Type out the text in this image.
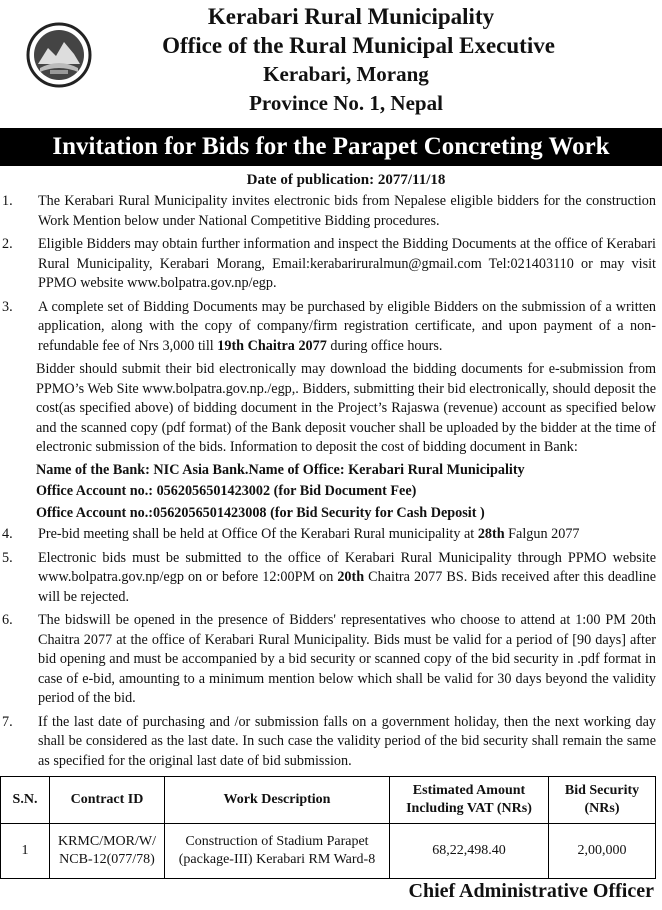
Kerabari Rural Municipality
Office of the Rural Municipal Executive
Kerabari, Morang
Province No. 1, Nepal
Invitation for Bids for the Parapet Concreting Work
Date of publication: 2077/11/18
1.	The Kerabari Rural Municipality invites electronic bids from Nepalese eligible bidders for the construction Work Mention below under National Competitive Bidding procedures.
2.	Eligible Bidders may obtain further information and inspect the Bidding Documents at the office of Kerabari Rural Municipality, Kerabari Morang, Email:kerabariruralmun@gmail.com Tel:021403110 or may visit PPMO website www.bolpatra.gov.np/egp.
3.	A complete set of Bidding Documents may be purchased by eligible Bidders on the submission of a written application, along with the copy of company/firm registration certificate, and upon payment of a non-refundable fee of Nrs 3,000 till 19th Chaitra 2077 during office hours.
Bidder should submit their bid electronically may download the bidding documents for e-submission from PPMO’s Web Site www.bolpatra.gov.np./egp,. Bidders, submitting their bid electronically, should deposit the cost(as specified above) of bidding document in the Project’s Rajaswa (revenue) account as specified below and the scanned copy (pdf format) of the Bank deposit voucher shall be uploaded by the bidder at the time of electronic submission of the bids. Information to deposit the cost of bidding document in Bank:
Name of the Bank: NIC Asia Bank.Name of Office: Kerabari Rural Municipality
Office Account no.: 0562056501423002 (for Bid Document Fee)
Office Account no.:0562056501423008 (for Bid Security for Cash Deposit )
4.	Pre-bid meeting shall be held at Office Of the Kerabari Rural municipality at 28th Falgun 2077
5.	Electronic bids must be submitted to the office of Kerabari Rural Municipality through PPMO website www.bolpatra.gov.np/egp on or before 12:00PM on 20th Chaitra 2077 BS. Bids received after this deadline will be rejected.
6.	The bidswill be opened in the presence of Bidders' representatives who choose to attend at 1:00 PM 20th Chaitra 2077 at the office of Kerabari Rural Municipality. Bids must be valid for a period of [90 days] after bid opening and must be accompanied by a bid security or scanned copy of the bid security in .pdf format in case of e-bid, amounting to a minimum mention below which shall be valid for 30 days beyond the validity period of the bid.
7.	If the last date of purchasing and /or submission falls on a government holiday, then the next working day shall be considered as the last date. In such case the validity period of the bid security shall remain the same as specified for the original last date of bid submission.
S.N.	Contract ID	Work Description	Estimated Amount Including VAT (NRs)	Bid Security (NRs)
1	KRMC/MOR/W/ NCB-12(077/78)	Construction of Stadium Parapet (package-III) Kerabari RM Ward-8	68,22,498.40	2,00,000
Chief Administrative Officer
